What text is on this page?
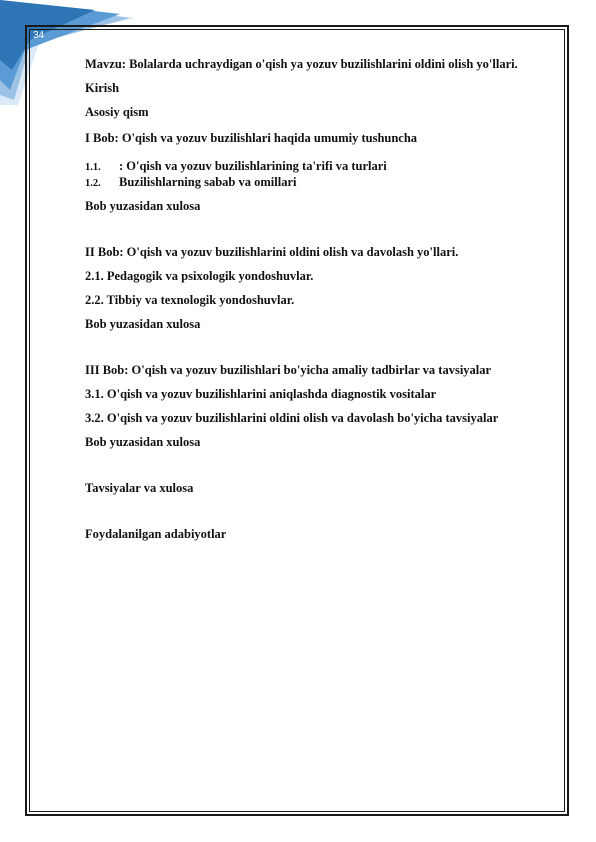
34

Mavzu: Bolalarda uchraydigan o'qish ya yozuv buzilishlarini oldini olish yo'llari.

Kirish

Asosiy qism

I Bob: O'qish va yozuv buzilishlari haqida umumiy tushuncha

1.1.	: O'qish va yozuv buzilishlarining ta'rifi va turlari
1.2.	Buzilishlarning sabab va omillari

Bob yuzasidan xulosa

II Bob: O'qish va yozuv buzilishlarini oldini olish va davolash yo'llari.

2.1. Pedagogik va psixologik yondoshuvlar.

2.2. Tibbiy va texnologik yondoshuvlar.

Bob yuzasidan xulosa

III Bob: O'qish va yozuv buzilishlari bo'yicha amaliy tadbirlar va tavsiyalar

3.1. O'qish va yozuv buzilishlarini aniqlashda diagnostik vositalar

3.2. O'qish va yozuv buzilishlarini oldini olish va davolash bo'yicha tavsiyalar

Bob yuzasidan xulosa

Tavsiyalar va xulosa

Foydalanilgan adabiyotlar
